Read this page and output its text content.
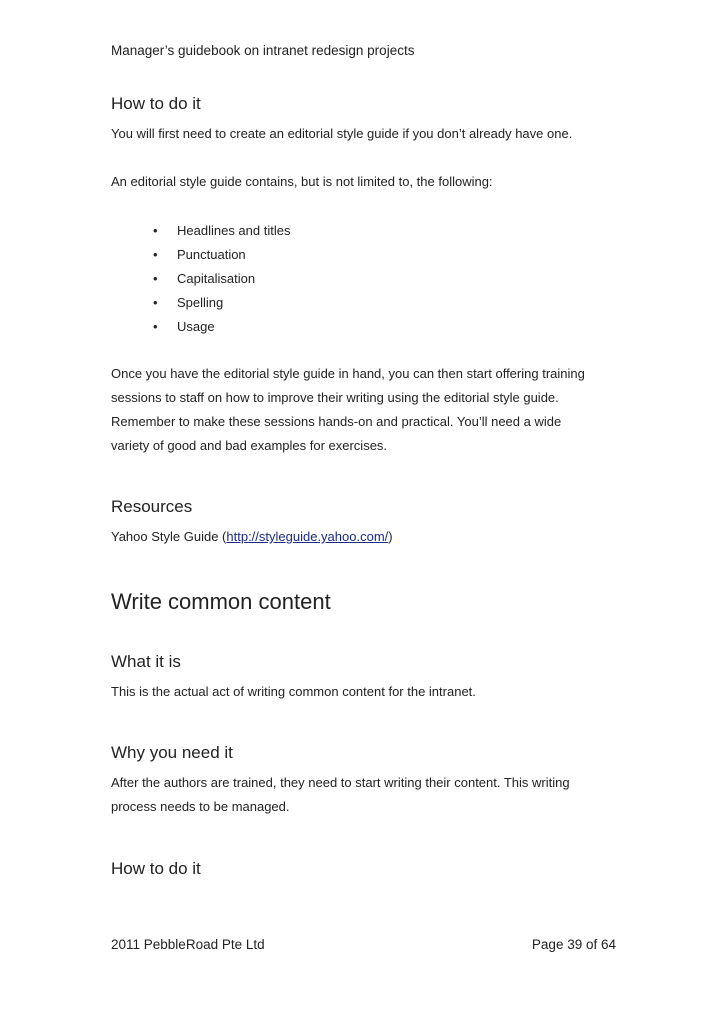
Manager’s guidebook on intranet redesign projects
How to do it
You will first need to create an editorial style guide if you don’t already have one.
An editorial style guide contains, but is not limited to, the following:
• Headlines and titles
• Punctuation
• Capitalisation
• Spelling
• Usage
Once you have the editorial style guide in hand, you can then start offering training
sessions to staff on how to improve their writing using the editorial style guide.
Remember to make these sessions hands-on and practical. You’ll need a wide
variety of good and bad examples for exercises.
Resources
Yahoo Style Guide (http://styleguide.yahoo.com/)
Write common content
What it is
This is the actual act of writing common content for the intranet.
Why you need it
After the authors are trained, they need to start writing their content. This writing
process needs to be managed.
How to do it
2011 PebbleRoad Pte Ltd	Page 39 of 64
